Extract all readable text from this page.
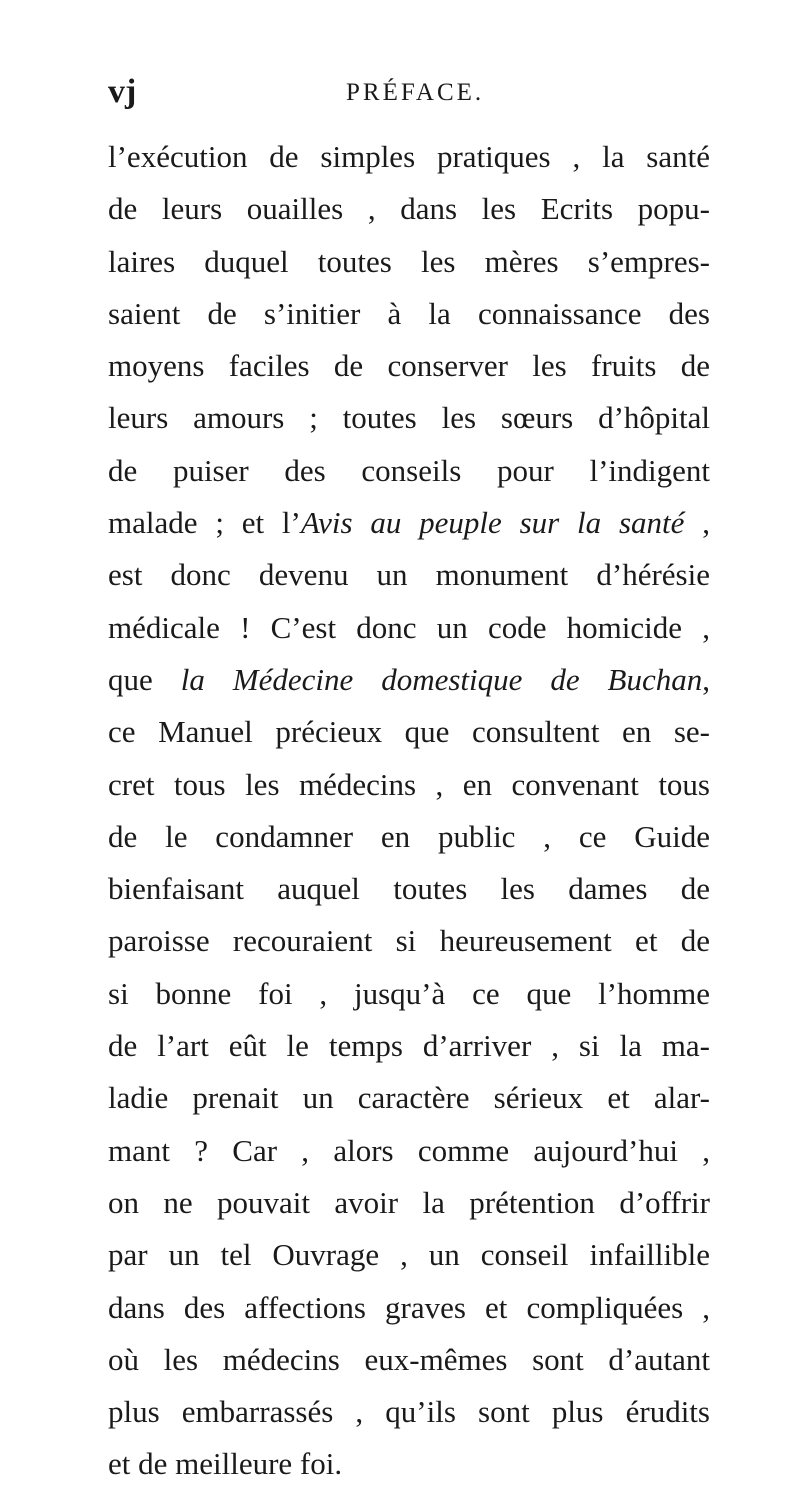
vj	PRÉFACE.
l’exécution de simples pratiques , la santé
de leurs ouailles , dans les Ecrits popu-
laires duquel toutes les mères s’empres-
saient de s’initier à la connaissance des
moyens faciles de conserver les fruits de
leurs amours ; toutes les sœurs d’hôpital
de puiser des conseils pour l’indigent
malade ; et l’Avis au peuple sur la santé ,
est donc devenu un monument d’hérésie
médicale ! C’est donc un code homicide ,
que la Médecine domestique de Buchan,
ce Manuel précieux que consultent en se-
cret tous les médecins , en convenant tous
de le condamner en public , ce Guide
bienfaisant auquel toutes les dames de
paroisse recouraient si heureusement et de
si bonne foi , jusqu’à ce que l’homme
de l’art eût le temps d’arriver , si la ma-
ladie prenait un caractère sérieux et alar-
mant ? Car , alors comme aujourd’hui ,
on ne pouvait avoir la prétention d’offrir
par un tel Ouvrage , un conseil infaillible
dans des affections graves et compliquées ,
où les médecins eux-mêmes sont d’autant
plus embarrassés , qu’ils sont plus érudits
et de meilleure foi.
